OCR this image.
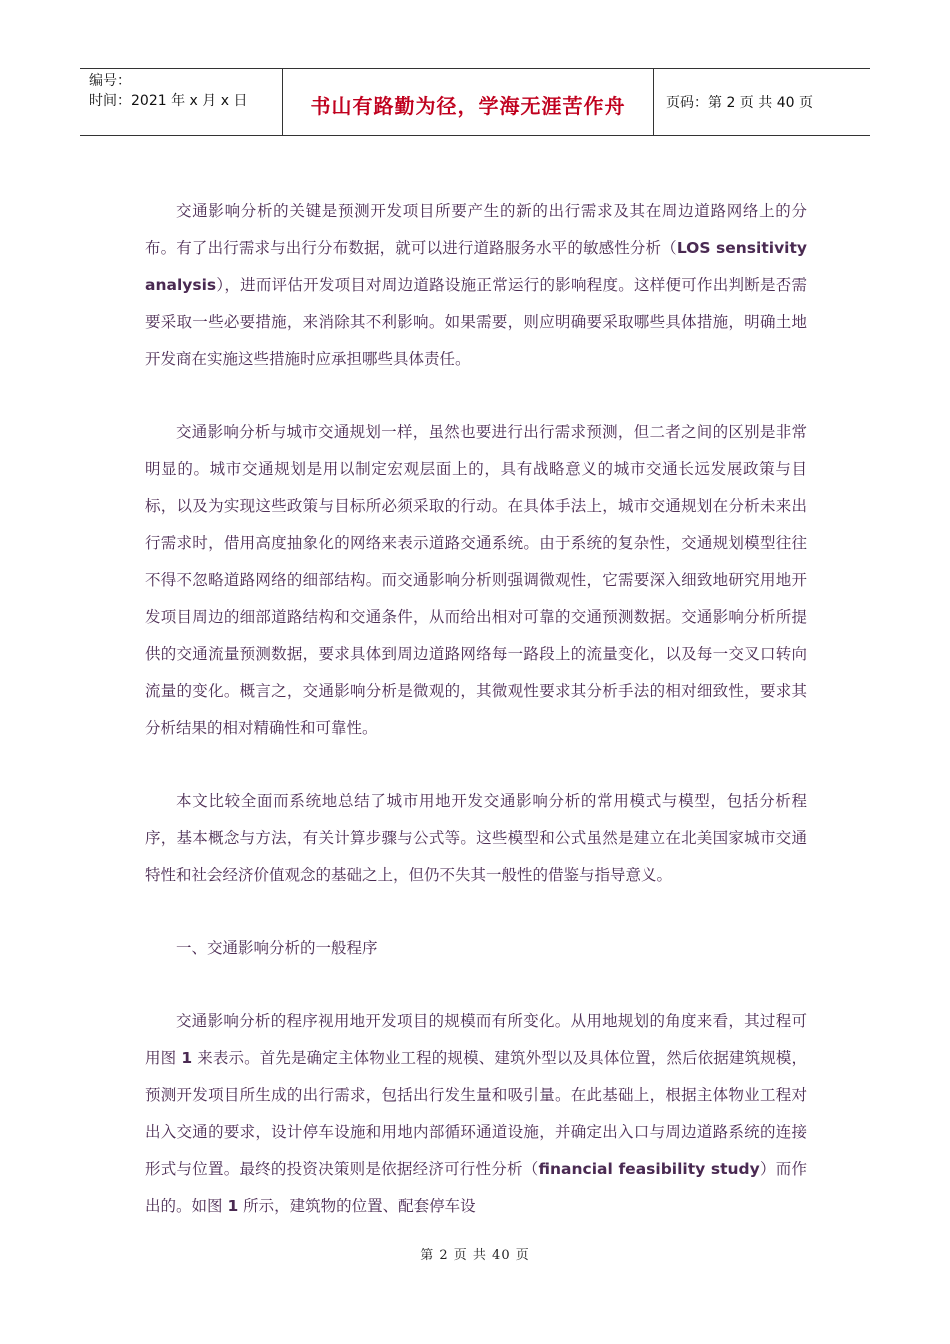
编号：
时间：2021 年 x 月 x 日	书山有路勤为径，学海无涯苦作舟	页码：第 2 页 共 40 页

交通影响分析的关键是预测开发项目所要产生的新的出行需求及其在周边道路网络上的分布。有了出行需求与出行分布数据，就可以进行道路服务水平的敏感性分析（LOS sensitivity analysis），进而评估开发项目对周边道路设施正常运行的影响程度。这样便可作出判断是否需要采取一些必要措施，来消除其不利影响。如果需要，则应明确要采取哪些具体措施，明确土地开发商在实施这些措施时应承担哪些具体责任。

交通影响分析与城市交通规划一样，虽然也要进行出行需求预测，但二者之间的区别是非常明显的。城市交通规划是用以制定宏观层面上的，具有战略意义的城市交通长远发展政策与目标，以及为实现这些政策与目标所必须采取的行动。在具体手法上，城市交通规划在分析未来出行需求时，借用高度抽象化的网络来表示道路交通系统。由于系统的复杂性，交通规划模型往往不得不忽略道路网络的细部结构。而交通影响分析则强调微观性，它需要深入细致地研究用地开发项目周边的细部道路结构和交通条件，从而给出相对可靠的交通预测数据。交通影响分析所提供的交通流量预测数据，要求具体到周边道路网络每一路段上的流量变化，以及每一交叉口转向流量的变化。概言之，交通影响分析是微观的，其微观性要求其分析手法的相对细致性，要求其分析结果的相对精确性和可靠性。

本文比较全面而系统地总结了城市用地开发交通影响分析的常用模式与模型，包括分析程序，基本概念与方法，有关计算步骤与公式等。这些模型和公式虽然是建立在北美国家城市交通特性和社会经济价值观念的基础之上，但仍不失其一般性的借鉴与指导意义。

一、交通影响分析的一般程序

交通影响分析的程序视用地开发项目的规模而有所变化。从用地规划的角度来看，其过程可用图 1 来表示。首先是确定主体物业工程的规模、建筑外型以及具体位置，然后依据建筑规模，预测开发项目所生成的出行需求，包括出行发生量和吸引量。在此基础上，根据主体物业工程对出入交通的要求，设计停车设施和用地内部循环通道设施，并确定出入口与周边道路系统的连接形式与位置。最终的投资决策则是依据经济可行性分析（financial feasibility study）而作出的。如图 1 所示，建筑物的位置、配套停车设

第 2 页 共 40 页
